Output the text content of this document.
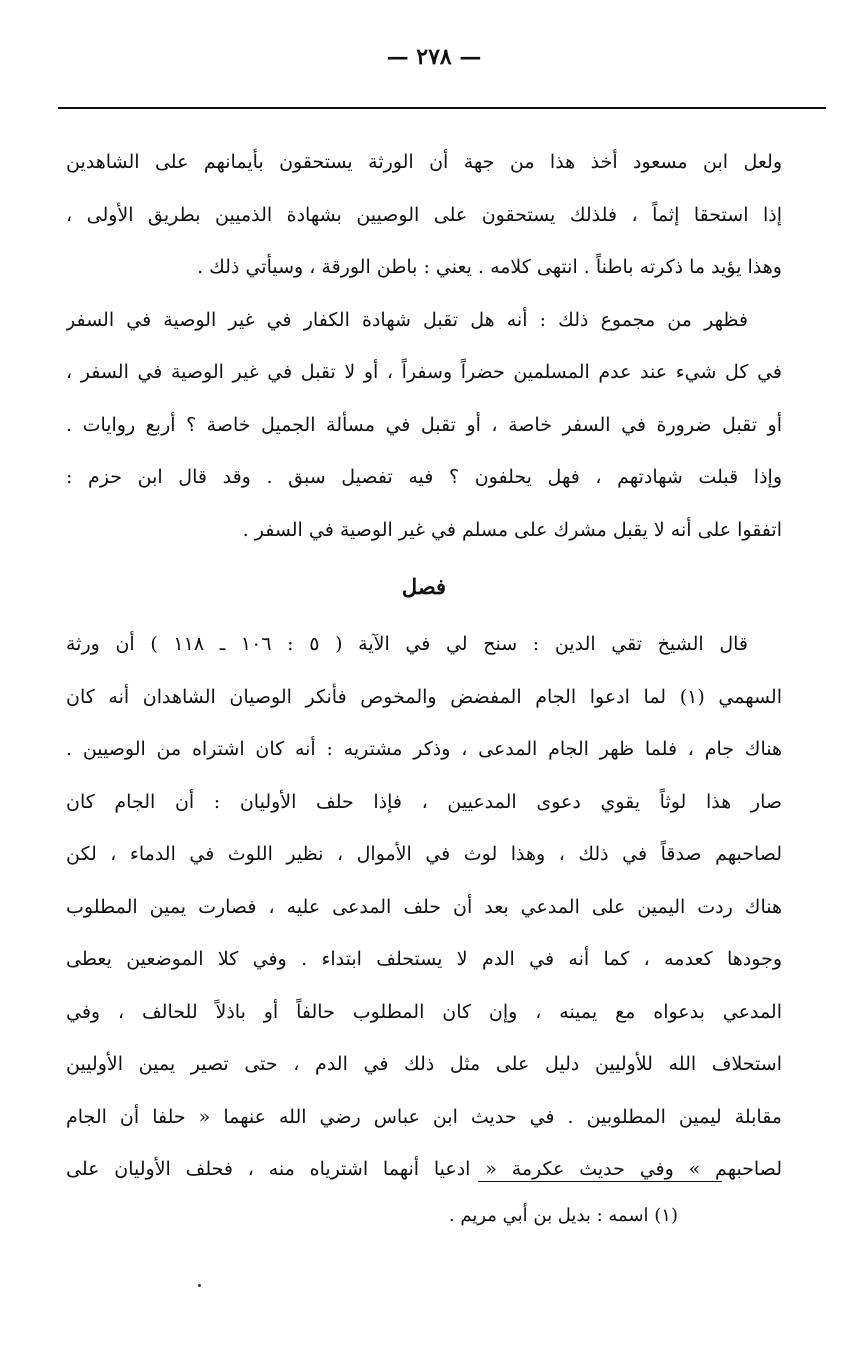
— ٢٧٨ —
ولعل ابن مسعود أخذ هذا من جهة أن الورثة يستحقون بأيمانهم على الشاهدين
إذا استحقا إثماً ، فلذلك يستحقون على الوصيين بشهادة الذميين بطريق الأولى ،
وهذا يؤيد ما ذكرته باطناً . انتهى كلامه . يعني : باطن الورقة ، وسيأتي ذلك .
فظهر من مجموع ذلك : أنه هل تقبل شهادة الكفار في غير الوصية في السفر
في كل شيء عند عدم المسلمين حضراً وسفراً ، أو لا تقبل في غير الوصية في السفر ،
أو تقبل ضرورة في السفر خاصة ، أو تقبل في مسألة الجميل خاصة ؟ أربع روايات .
وإذا قبلت شهادتهم ، فهل يحلفون ؟ فيه تفصيل سبق . وقد قال ابن حزم :
اتفقوا على أنه لا يقبل مشرك على مسلم في غير الوصية في السفر .
فصل
قال الشيخ تقي الدين : سنح لي في الآية ( ٥ : ١٠٦ ـ ١١٨ ) أن ورثة
السهمي (١) لما ادعوا الجام المفضض والمخوص فأنكر الوصيان الشاهدان أنه كان
هناك جام ، فلما ظهر الجام المدعى ، وذكر مشتريه : أنه كان اشتراه من الوصيين .
صار هذا لوثاً يقوي دعوى المدعيين ، فإذا حلف الأوليان : أن الجام كان
لصاحبهم صدقاً في ذلك ، وهذا لوث في الأموال ، نظير اللوث في الدماء ، لكن
هناك ردت اليمين على المدعي بعد أن حلف المدعى عليه ، فصارت يمين المطلوب
وجودها كعدمه ، كما أنه في الدم لا يستحلف ابتداء . وفي كلا الموضعين يعطى
المدعي بدعواه مع يمينه ، وإن كان المطلوب حالفاً أو باذلاً للحالف ، وفي
استحلاف الله للأوليين دليل على مثل ذلك في الدم ، حتى تصير يمين الأوليين
مقابلة ليمين المطلوبين . في حديث ابن عباس رضي الله عنهما « حلفا أن الجام
لصاحبهم » وفي حديث عكرمة « ادعيا أنهما اشترياه منه ، فحلف الأوليان على
(١) اسمه : بديل بن أبي مريم .
